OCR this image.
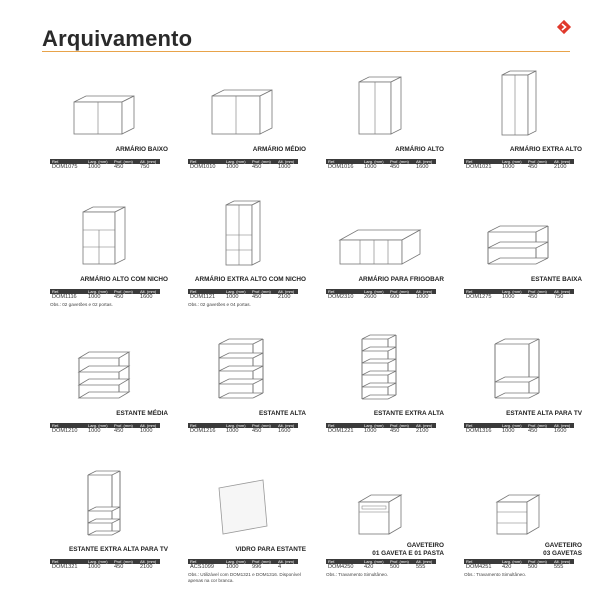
Arquivamento
ARMÁRIO BAIXO
Ref.	Larg. (mm)	Prof. (mm)	Alt. (mm)
DOM1075	1000	450	750
ARMÁRIO MÉDIO
Ref.	Larg. (mm)	Prof. (mm)	Alt. (mm)
DOM1010	1000	450	1000
ARMÁRIO ALTO
Ref.	Larg. (mm)	Prof. (mm)	Alt. (mm)
DOM1016	1000	450	1600
ARMÁRIO EXTRA ALTO
Ref.	Larg. (mm)	Prof. (mm)	Alt. (mm)
DOM1021	1000	450	2100
ARMÁRIO ALTO COM NICHO
Ref.	Larg. (mm)	Prof. (mm)	Alt. (mm)
DOM1116	1000	450	1600
Obs.: 02 gavetões e 02 portas.
ARMÁRIO EXTRA ALTO COM NICHO
Ref.	Larg. (mm)	Prof. (mm)	Alt. (mm)
DOM1121	1000	450	2100
Obs.: 02 gavetões e 04 portas.
ARMÁRIO PARA FRIGOBAR
Ref.	Larg. (mm)	Prof. (mm)	Alt. (mm)
DOM2310	2600	600	1000
ESTANTE BAIXA
Ref.	Larg. (mm)	Prof. (mm)	Alt. (mm)
DOM1275	1000	450	750
ESTANTE MÉDIA
Ref.	Larg. (mm)	Prof. (mm)	Alt. (mm)
DOM1210	1000	450	1000
ESTANTE ALTA
Ref.	Larg. (mm)	Prof. (mm)	Alt. (mm)
DOM1216	1000	450	1600
ESTANTE EXTRA ALTA
Ref.	Larg. (mm)	Prof. (mm)	Alt. (mm)
DOM1221	1000	450	2100
ESTANTE ALTA PARA TV
Ref.	Larg. (mm)	Prof. (mm)	Alt. (mm)
DOM1316	1000	450	1600
ESTANTE EXTRA ALTA PARA TV
Ref.	Larg. (mm)	Prof. (mm)	Alt. (mm)
DOM1321	1000	450	2100
VIDRO PARA ESTANTE
Ref.	Larg. (mm)	Prof. (mm)	Alt. (mm)
ACS1099	1000	996	4
Obs.: Utilizável com DOM1321 e DOM1316. Disponível apenas na cor branca.
GAVETEIRO
01 GAVETA E 01 PASTA
Ref.	Larg. (mm)	Prof. (mm)	Alt. (mm)
DOM4250	420	500	555
Obs.: Travamento Simultâneo.
GAVETEIRO
03 GAVETAS
Ref.	Larg. (mm)	Prof. (mm)	Alt. (mm)
DOM4251	420	500	555
Obs.: Travamento Simultâneo.
